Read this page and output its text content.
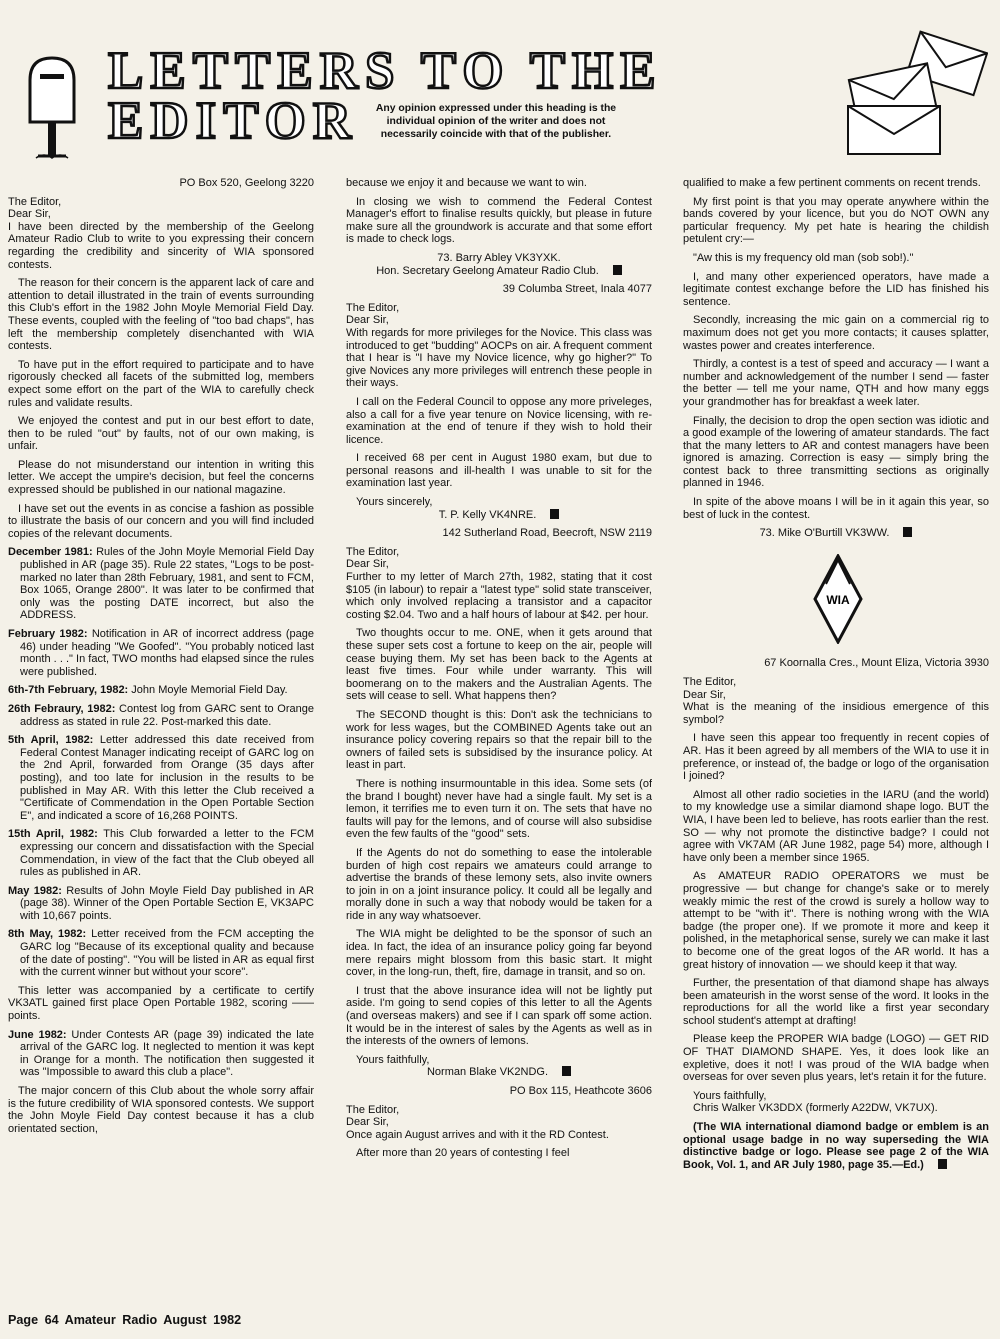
LETTERS TO THE
EDITOR	Any opinion expressed under this heading is the individual opinion of the writer and does not necessarily coincide with that of the publisher.

PO Box 520, Geelong 3220

The Editor,

Dear Sir,

I have been directed by the membership of the Geelong Amateur Radio Club to write to you expressing their concern regarding the credibility and sincerity of WIA sponsored contests.

The reason for their concern is the apparent lack of care and attention to detail illustrated in the train of events surrounding this Club's effort in the 1982 John Moyle Memorial Field Day. These events, coupled with the feeling of "too bad chaps", has left the membership completely disenchanted with WIA contests.

To have put in the effort required to participate and to have rigorously checked all facets of the submitted log, members expect some effort on the part of the WIA to carefully check rules and validate results.

We enjoyed the contest and put in our best effort to date, then to be ruled "out" by faults, not of our own making, is unfair.

Please do not misunderstand our intention in writing this letter. We accept the umpire's decision, but feel the concerns expressed should be published in our national magazine.

I have set out the events in as concise a fashion as possible to illustrate the basis of our concern and you will find included copies of the relevant documents.

December 1981: Rules of the John Moyle Memorial Field Day published in AR (page 35). Rule 22 states, "Logs to be post-marked no later than 28th February, 1981, and sent to FCM, Box 1065, Orange 2800". It was later to be confirmed that only was the posting DATE incorrect, but also the ADDRESS.

February 1982: Notification in AR of incorrect address (page 46) under heading "We Goofed". "You probably noticed last month . . ." In fact, TWO months had elapsed since the rules were published.

6th-7th February, 1982: John Moyle Memorial Field Day.

26th Febraury, 1982: Contest log from GARC sent to Orange address as stated in rule 22. Post-marked this date.

5th April, 1982: Letter addressed this date received from Federal Contest Manager indicating receipt of GARC log on the 2nd April, forwarded from Orange (35 days after posting), and too late for inclusion in the results to be published in May AR. With this letter the Club received a "Certificate of Commendation in the Open Portable Section E", and indicated a score of 16,268 POINTS.

15th April, 1982: This Club forwarded a letter to the FCM expressing our concern and dissatisfaction with the Special Commendation, in view of the fact that the Club obeyed all rules as published in AR.

May 1982: Results of John Moyle Field Day published in AR (page 38). Winner of the Open Portable Section E, VK3APC with 10,667 points.

8th May, 1982: Letter received from the FCM accepting the GARC log "Because of its exceptional quality and because of the date of posting". "You will be listed in AR as equal first with the current winner but without your score".

This letter was accompanied by a certificate to certify VK3ATL gained first place Open Portable 1982, scoring —— points.

June 1982: Under Contests AR (page 39) indicated the late arrival of the GARC log. It neglected to mention it was kept in Orange for a month. The notification then suggested it was "Impossible to award this club a place".

The major concern of this Club about the whole sorry affair is the future credibility of WIA sponsored contests. We support the John Moyle Field Day contest because it has a club orientated section,

because we enjoy it and because we want to win.

In closing we wish to commend the Federal Contest Manager's effort to finalise results quickly, but please in future make sure all the groundwork is accurate and that some effort is made to check logs.

73. Barry Abley VK3YXK.

Hon. Secretary Geelong Amateur Radio Club.

39 Columba Street, Inala 4077

The Editor,

Dear Sir,

With regards for more privileges for the Novice. This class was introduced to get "budding" AOCPs on air. A frequent comment that I hear is "I have my Novice licence, why go higher?" To give Novices any more privileges will entrench these people in their ways.

I call on the Federal Council to oppose any more priveleges, also a call for a five year tenure on Novice licensing, with re-examination at the end of tenure if they wish to hold their licence.

I received 68 per cent in August 1980 exam, but due to personal reasons and ill-health I was unable to sit for the examination last year.

Yours sincerely,

T. P. Kelly VK4NRE.

142 Sutherland Road, Beecroft, NSW 2119

The Editor,

Dear Sir,

Further to my letter of March 27th, 1982, stating that it cost $105 (in labour) to repair a "latest type" solid state transceiver, which only involved replacing a transistor and a capacitor costing $2.04. Two and a half hours of labour at $42. per hour.

Two thoughts occur to me. ONE, when it gets around that these super sets cost a fortune to keep on the air, people will cease buying them. My set has been back to the Agents at least five times. Four while under warranty. This will boomerang on to the makers and the Australian Agents. The sets will cease to sell. What happens then?

The SECOND thought is this: Don't ask the technicians to work for less wages, but the COMBINED Agents take out an insurance policy covering repairs so that the repair bill to the owners of failed sets is subsidised by the insurance policy. At least in part.

There is nothing insurmountable in this idea. Some sets (of the brand I bought) never have had a single fault. My set is a lemon, it terrifies me to even turn it on. The sets that have no faults will pay for the lemons, and of course will also subsidise even the few faults of the "good" sets.

If the Agents do not do something to ease the intolerable burden of high cost repairs we amateurs could arrange to advertise the brands of these lemony sets, also invite owners to join in on a joint insurance policy. It could all be legally and morally done in such a way that nobody would be taken for a ride in any way whatsoever.

The WIA might be delighted to be the sponsor of such an idea. In fact, the idea of an insurance policy going far beyond mere repairs might blossom from this basic start. It might cover, in the long-run, theft, fire, damage in transit, and so on.

I trust that the above insurance idea will not be lightly put aside. I'm going to send copies of this letter to all the Agents (and overseas makers) and see if I can spark off some action. It would be in the interest of sales by the Agents as well as in the interests of the owners of lemons.

Yours faithfully,

Norman Blake VK2NDG.

PO Box 115, Heathcote 3606

The Editor,

Dear Sir,

Once again August arrives and with it the RD Contest.

After more than 20 years of contesting I feel

qualified to make a few pertinent comments on recent trends.

My first point is that you may operate anywhere within the bands covered by your licence, but you do NOT OWN any particular frequency. My pet hate is hearing the childish petulent cry:—

"Aw this is my frequency old man (sob sob!)."

I, and many other experienced operators, have made a legitimate contest exchange before the LID has finished his sentence.

Secondly, increasing the mic gain on a commercial rig to maximum does not get you more contacts; it causes splatter, wastes power and creates interference.

Thirdly, a contest is a test of speed and accuracy — I want a number and acknowledgement of the number I send — faster the better — tell me your name, QTH and how many eggs your grandmother has for breakfast a week later.

Finally, the decision to drop the open section was idiotic and a good example of the lowering of amateur standards. The fact that the many letters to AR and contest managers have been ignored is amazing. Correction is easy — simply bring the contest back to three transmitting sections as originally planned in 1946.

In spite of the above moans I will be in it again this year, so best of luck in the contest.

73. Mike O'Burtill VK3WW.

WIA

67 Koornalla Cres., Mount Eliza, Victoria 3930

The Editor,

Dear Sir,

What is the meaning of the insidious emergence of this symbol?

I have seen this appear too frequently in recent copies of AR. Has it been agreed by all members of the WIA to use it in preference, or instead of, the badge or logo of the organisation I joined?

Almost all other radio societies in the IARU (and the world) to my knowledge use a similar diamond shape logo. BUT the WIA, I have been led to believe, has roots earlier than the rest. SO — why not promote the distinctive badge? I could not agree with VK7AM (AR June 1982, page 54) more, although I have only been a member since 1965.

As AMATEUR RADIO OPERATORS we must be progressive — but change for change's sake or to merely weakly mimic the rest of the crowd is surely a hollow way to attempt to be "with it". There is nothing wrong with the WIA badge (the proper one). If we promote it more and keep it polished, in the metaphorical sense, surely we can make it last to become one of the great logos of the AR world. It has a great history of innovation — we should keep it that way.

Further, the presentation of that diamond shape has always been amateurish in the worst sense of the word. It looks in the reproductions for all the world like a first year secondary school student's attempt at drafting!

Please keep the PROPER WIA badge (LOGO) — GET RID OF THAT DIAMOND SHAPE. Yes, it does look like an expletive, does it not! I was proud of the WIA badge when overseas for over seven plus years, let's retain it for the future.

Yours faithfully,

Chris Walker VK3DDX (formerly A22DW, VK7UX).

(The WIA international diamond badge or emblem is an optional usage badge in no way superseding the WIA distinctive badge or logo. Please see page 2 of the WIA Book, Vol. 1, and AR July 1980, page 35.—Ed.)

Page 64 Amateur Radio August 1982
